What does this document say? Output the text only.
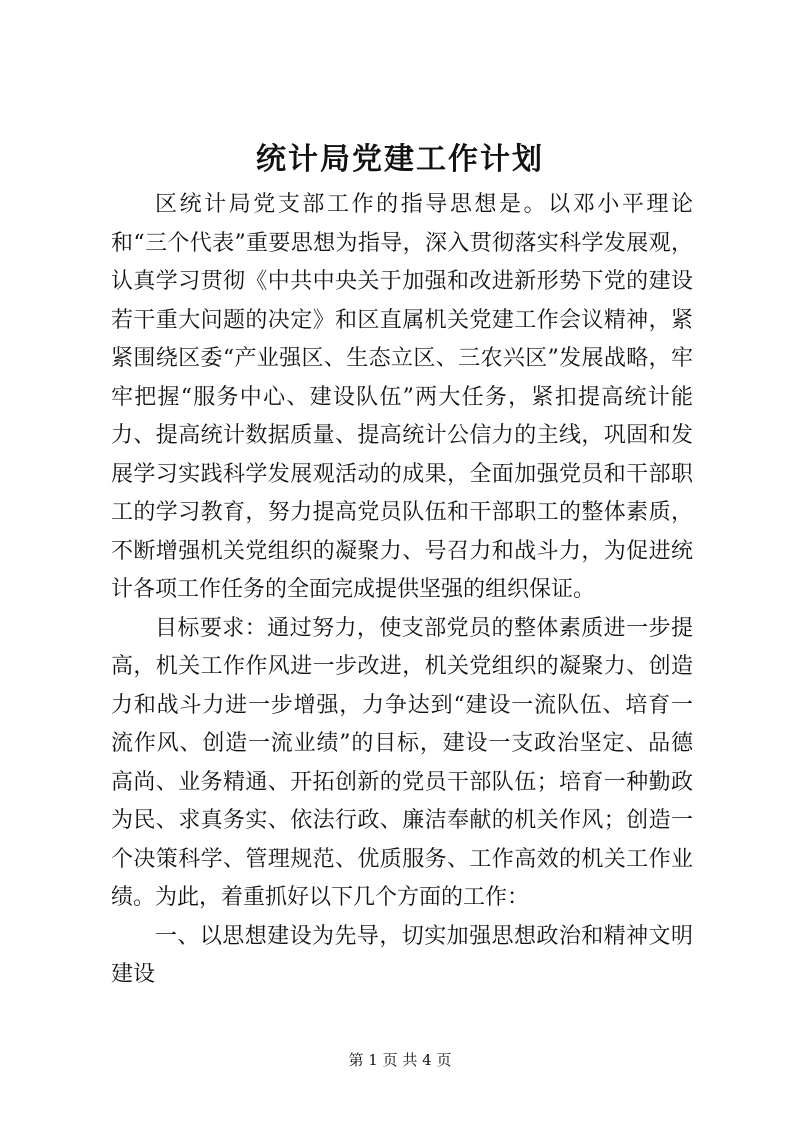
统计局党建工作计划

区统计局党支部工作的指导思想是。以邓小平理论和“三个代表”重要思想为指导，深入贯彻落实科学发展观，认真学习贯彻《中共中央关于加强和改进新形势下党的建设若干重大问题的决定》和区直属机关党建工作会议精神，紧紧围绕区委“产业强区、生态立区、三农兴区”发展战略，牢牢把握“服务中心、建设队伍”两大任务，紧扣提高统计能力、提高统计数据质量、提高统计公信力的主线，巩固和发展学习实践科学发展观活动的成果，全面加强党员和干部职工的学习教育，努力提高党员队伍和干部职工的整体素质，不断增强机关党组织的凝聚力、号召力和战斗力，为促进统计各项工作任务的全面完成提供坚强的组织保证。

目标要求：通过努力，使支部党员的整体素质进一步提高，机关工作作风进一步改进，机关党组织的凝聚力、创造力和战斗力进一步增强，力争达到“建设一流队伍、培育一流作风、创造一流业绩”的目标，建设一支政治坚定、品德高尚、业务精通、开拓创新的党员干部队伍；培育一种勤政为民、求真务实、依法行政、廉洁奉献的机关作风；创造一个决策科学、管理规范、优质服务、工作高效的机关工作业绩。为此，着重抓好以下几个方面的工作：

一、以思想建设为先导，切实加强思想政治和精神文明建设

第 1 页 共 4 页
